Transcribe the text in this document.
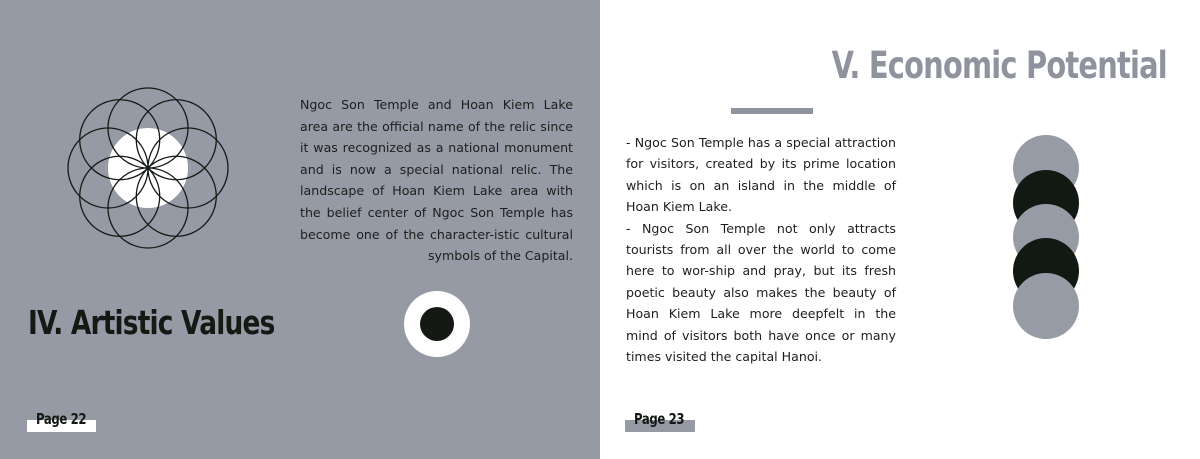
Ngoc Son Temple and Hoan Kiem Lake area are the official name of the relic since it was recognized as a national monument and is now a special national relic. The landscape of Hoan Kiem Lake area with the belief center of Ngoc Son Temple has become one of the character-istic cultural symbols of the Capital.

IV. Artistic Values
Page 22
V. Economic Potential

- Ngoc Son Temple has a special attraction for visitors, created by its prime location which is on an island in the middle of Hoan Kiem Lake.

- Ngoc Son Temple not only attracts tourists from all over the world to come here to wor-ship and pray, but its fresh poetic beauty also makes the beauty of Hoan Kiem Lake more deepfelt in the mind of visitors both have once or many times visited the capital Hanoi.

Page 23
